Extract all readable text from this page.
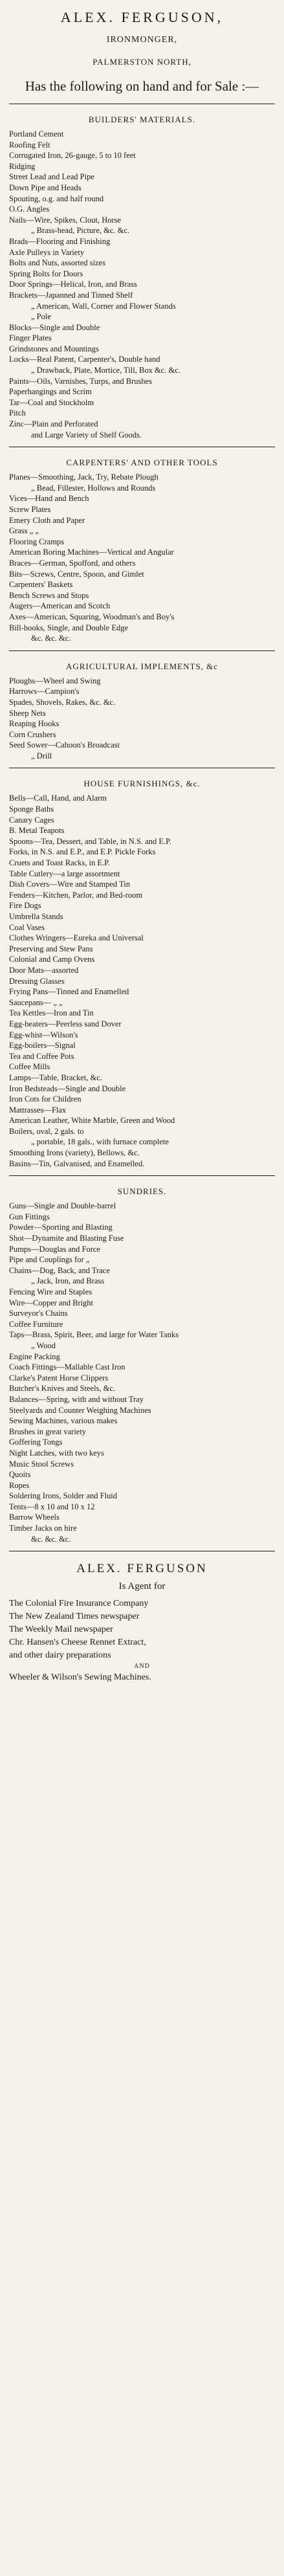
ALEX. FERGUSON,
IRONMONGER,
PALMERSTON NORTH,
Has the following on hand and for Sale :—
BUILDERS' MATERIALS.
Portland Cement
Roofing Felt
Corrugated Iron, 26-gauge, 5 to 10 feet
Ridging
Street Lead and Lead Pipe
Down Pipe and Heads
Spouting, o.g. and half round
O.G. Angles
Nails—Wire, Spikes, Clout, Horse
„ Brass-head, Picture, &c. &c.
Brads—Flooring and Finishing
Axle Pulleys in Variety
Bolts and Nuts, assorted sizes
Spring Bolts for Doors
Door Springs—Helical, Iron, and Brass
Brackets—Japanned and Tinned Shelf
„ American, Wall, Corner and Flower Stands
„ Pole
Blocks—Single and Double
Finger Plates
Grindstones and Mountings
Locks—Real Patent, Carpenter's, Double hand
„ Drawback, Plate, Mortice, Till, Box &c. &c.
Paints—Oils, Varnishes, Turps, and Brushes
Paperhangings and Scrim
Tar—Coal and Stockholm
Pitch
Zinc—Plain and Perforated
and Large Variety of Shelf Goods.
CARPENTERS' AND OTHER TOOLS
Planes—Smoothing, Jack, Try, Rebate Plough
„ Bead, Fillester, Hollows and Rounds
Vices—Hand and Bench
Screw Plates
Emery Cloth and Paper
Grass „ „
Flooring Cramps
American Boring Machines—Vertical and Angular
Braces—German, Spofford, and others
Bits—Screws, Centre, Spoon, and Gimlet
Carpenters' Baskets
Bench Screws and Stops
Augers—American and Scotch
Axes—American, Squaring, Woodman's and Boy's
Bill-hooks, Single, and Double Edge
&c. &c. &c.
AGRICULTURAL IMPLEMENTS, &c
Ploughs—Wheel and Swing
Harrows—Campion's
Spades, Shovels, Rakes, &c. &c.
Sheep Nets
Reaping Hooks
Corn Crushers
Seed Sower—Cahoon's Broadcast
„ Drill
HOUSE FURNISHINGS, &c.
Bells—Call, Hand, and Alarm
Sponge Baths
Canary Cages
B. Metal Teapots
Spoons—Tea, Dessert, and Table, in N.S. and E.P.
Forks, in N.S. and E.P., and E.P. Pickle Forks
Cruets and Toast Racks, in E.P.
Table Cutlery—a large assortment
Dish Covers—Wire and Stamped Tin
Fenders—Kitchen, Parlor, and Bed-room
Fire Dogs
Umbrella Stands
Coal Vases
Clothes Wringers—Eureka and Universal
Preserving and Stew Pans
Colonial and Camp Ovens
Door Mats—assorted
Dressing Glasses
Frying Pans—Tinned and Enamelled
Saucepans— „ „
Tea Kettles—Iron and Tin
Egg-beaters—Peerless sand Dover
Egg-whist—Wilson's
Egg-boilers—Signal
Tea and Coffee Pots
Coffee Mills
Lamps—Table, Bracket, &c.
Iron Bedsteads—Single and Double
Iron Cots for Children
Mattrasses—Flax
American Leather, White Marble, Green and Wood
Boilers, oval, 2 gals. to
„ portable, 18 gals., with furnace complete
Smoothing Irons (variety), Bellows, &c.
Basins—Tin, Galvanised, and Enamelled.
SUNDRIES.
Guns—Single and Double-barrel
Gun Fittings
Powder—Sporting and Blasting
Shot—Dynamite and Blasting Fuse
Pumps—Douglas and Force
Pipe and Couplings for „
Chains—Dog, Back, and Trace
„ Jack, Iron, and Brass
Fencing Wire and Staples
Wire—Copper and Bright
Surveyor's Chains
Coffee Furniture
Taps—Brass, Spirit, Beer, and large for Water Tanks
„ Wood
Engine Packing
Coach Fittings—Mallable Cast Iron
Clarke's Patent Horse Clippers
Butcher's Knives and Steels, &c.
Balances—Spring, with and without Tray
Steelyards and Counter Weighing Machines
Sewing Machines, various makes
Brushes in great variety
Goffering Tongs
Night Latches, with two keys
Music Stool Screws
Quoits
Ropes
Soldering Irons, Solder and Fluid
Tents—8 x 10 and 10 x 12
Barrow Wheels
Timber Jacks on hire
&c. &c. &c.
ALEX. FERGUSON
Is Agent for
The Colonial Fire Insurance Company
The New Zealand Times newspaper
The Weekly Mail newspaper
Chr. Hansen's Cheese Rennet Extract,
and other dairy preparations
AND
Wheeler & Wilson's Sewing Machines.
